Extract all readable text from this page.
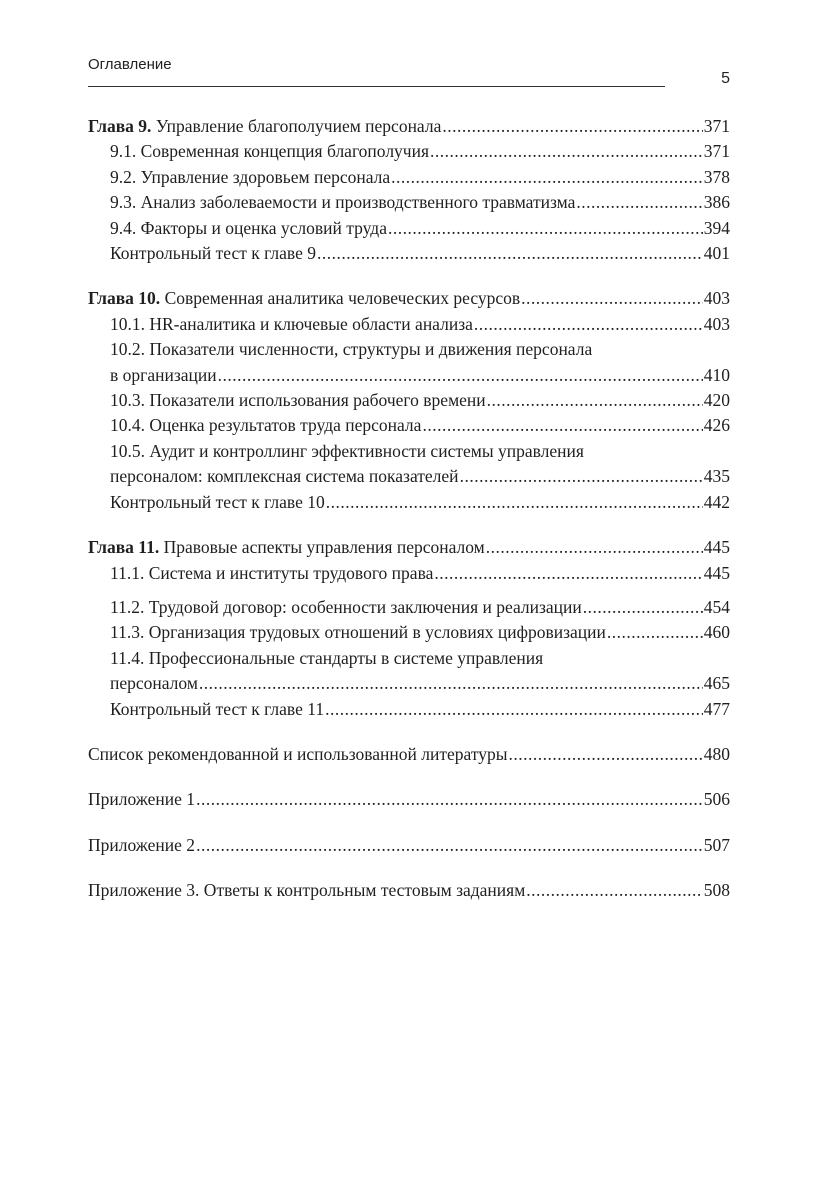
Оглавление
5
Глава 9. Управление благополучием персонала .....	371
9.1. Современная концепция благополучия .....	371
9.2. Управление здоровьем персонала .....	378
9.3. Анализ заболеваемости и производственного травматизма .....	386
9.4. Факторы и оценка условий труда .....	394
Контрольный тест к главе 9 .....	401
Глава 10. Современная аналитика человеческих ресурсов .....	403
10.1. HR-аналитика и ключевые области анализа .....	403
10.2. Показатели численности, структуры и движения персонала
в организации .....	410
10.3. Показатели использования рабочего времени .....	420
10.4. Оценка результатов труда персонала .....	426
10.5. Аудит и контроллинг эффективности системы управления
персоналом: комплексная система показателей .....	435
Контрольный тест к главе 10 .....	442
Глава 11. Правовые аспекты управления персоналом .....	445
11.1. Система и институты трудового права .....	445
11.2. Трудовой договор: особенности заключения и реализации .....	454
11.3. Организация трудовых отношений в условиях цифровизации .....	460
11.4. Профессиональные стандарты в системе управления
персоналом .....	465
Контрольный тест к главе 11 .....	477
Список рекомендованной и использованной литературы .....	480
Приложение 1 .....	506
Приложение 2 .....	507
Приложение 3. Ответы к контрольным тестовым заданиям .....	508
